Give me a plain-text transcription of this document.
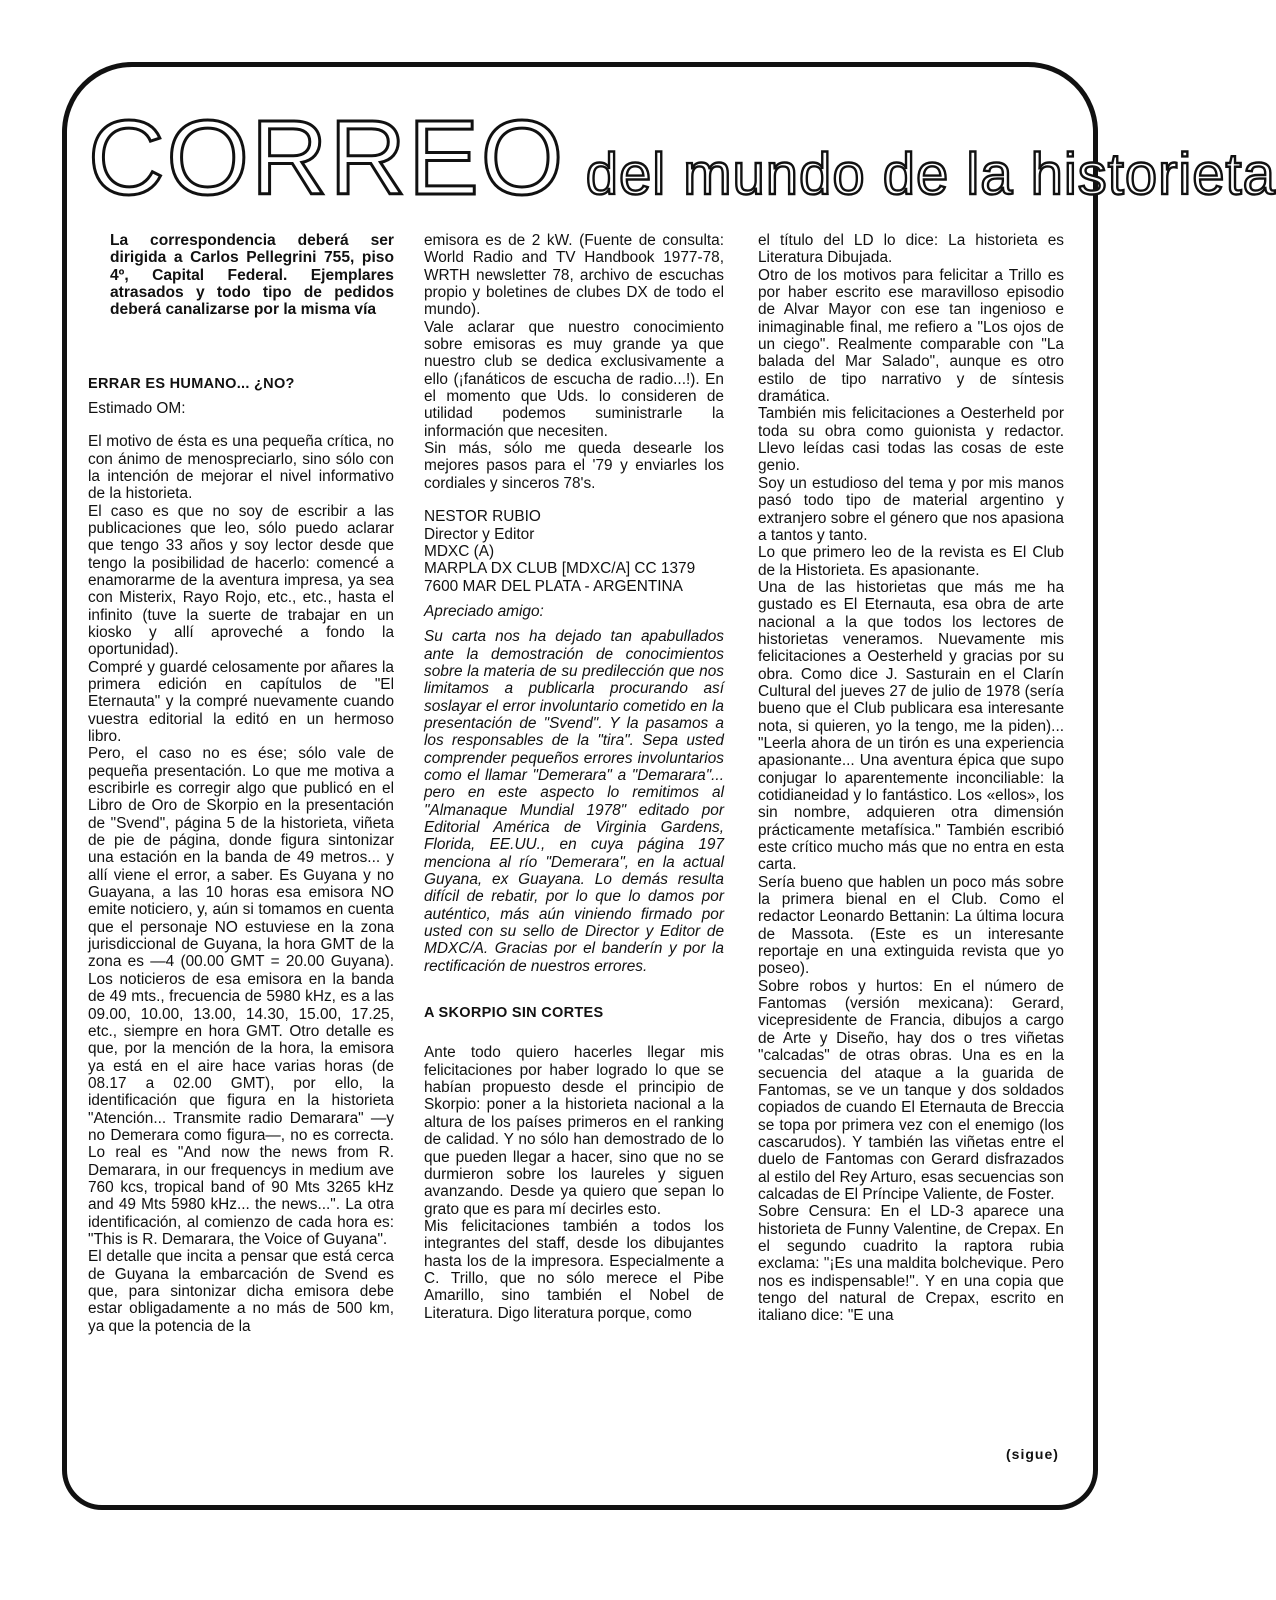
CORREO del mundo de la historieta

La correspondencia deberá ser dirigida a Carlos Pellegrini 755, piso 4º, Capital Federal. Ejemplares atrasados y todo tipo de pedidos deberá canalizarse por la misma vía

ERRAR ES HUMANO... ¿NO?

Estimado OM:

El motivo de ésta es una pequeña crítica, no con ánimo de menospreciarlo, sino sólo con la intención de mejorar el nivel informativo de la historieta.

El caso es que no soy de escribir a las publicaciones que leo, sólo puedo aclarar que tengo 33 años y soy lector desde que tengo la posibilidad de hacerlo: comencé a enamorarme de la aventura impresa, ya sea con Misterix, Rayo Rojo, etc., etc., hasta el infinito (tuve la suerte de trabajar en un kiosko y allí aproveché a fondo la oportunidad).

Compré y guardé celosamente por añares la primera edición en capítulos de "El Eternauta" y la compré nuevamente cuando vuestra editorial la editó en un hermoso libro.

Pero, el caso no es ése; sólo vale de pequeña presentación. Lo que me motiva a escribirle es corregir algo que publicó en el Libro de Oro de Skorpio en la presentación de "Svend", página 5 de la historieta, viñeta de pie de página, donde figura sintonizar una estación en la banda de 49 metros... y allí viene el error, a saber. Es Guyana y no Guayana, a las 10 horas esa emisora NO emite noticiero, y, aún si tomamos en cuenta que el personaje NO estuviese en la zona jurisdiccional de Guyana, la hora GMT de la zona es —4 (00.00 GMT = 20.00 Guyana). Los noticieros de esa emisora en la banda de 49 mts., frecuencia de 5980 kHz, es a las 09.00, 10.00, 13.00, 14.30, 15.00, 17.25, etc., siempre en hora GMT. Otro detalle es que, por la mención de la hora, la emisora ya está en el aire hace varias horas (de 08.17 a 02.00 GMT), por ello, la identificación que figura en la historieta "Atención... Transmite radio Demarara" —y no Demerara como figura—, no es correcta. Lo real es "And now the news from R. Demarara, in our frequencys in medium ave 760 kcs, tropical band of 90 Mts 3265 kHz and 49 Mts 5980 kHz... the news...". La otra identificación, al comienzo de cada hora es: "This is R. Demarara, the Voice of Guyana".

El detalle que incita a pensar que está cerca de Guyana la embarcación de Svend es que, para sintonizar dicha emisora debe estar obligadamente a no más de 500 km, ya que la potencia de la

emisora es de 2 kW. (Fuente de consulta: World Radio and TV Handbook 1977-78, WRTH newsletter 78, archivo de escuchas propio y boletines de clubes DX de todo el mundo).

Vale aclarar que nuestro conocimiento sobre emisoras es muy grande ya que nuestro club se dedica exclusivamente a ello (¡fanáticos de escucha de radio...!). En el momento que Uds. lo consideren de utilidad podemos suministrarle la información que necesiten.

Sin más, sólo me queda desearle los mejores pasos para el '79 y enviarles los cordiales y sinceros 78's.

NESTOR RUBIO

Director y Editor

MDXC (A)

MARPLA DX CLUB [MDXC/A] CC 1379

7600 MAR DEL PLATA - ARGENTINA

Apreciado amigo:

Su carta nos ha dejado tan apabullados ante la demostración de conocimientos sobre la materia de su predilección que nos limitamos a publicarla procurando así soslayar el error involuntario cometido en la presentación de "Svend". Y la pasamos a los responsables de la "tira". Sepa usted comprender pequeños errores involuntarios como el llamar "Demerara" a "Demarara"... pero en este aspecto lo remitimos al "Almanaque Mundial 1978" editado por Editorial América de Virginia Gardens, Florida, EE.UU., en cuya página 197 menciona al río "Demerara", en la actual Guyana, ex Guayana. Lo demás resulta difícil de rebatir, por lo que lo damos por auténtico, más aún viniendo firmado por usted con su sello de Director y Editor de MDXC/A. Gracias por el banderín y por la rectificación de nuestros errores.

A SKORPIO SIN CORTES

Ante todo quiero hacerles llegar mis felicitaciones por haber logrado lo que se habían propuesto desde el principio de Skorpio: poner a la historieta nacional a la altura de los países primeros en el ranking de calidad. Y no sólo han demostrado de lo que pueden llegar a hacer, sino que no se durmieron sobre los laureles y siguen avanzando. Desde ya quiero que sepan lo grato que es para mí decirles esto.

Mis felicitaciones también a todos los integrantes del staff, desde los dibujantes hasta los de la impresora. Especialmente a C. Trillo, que no sólo merece el Pibe Amarillo, sino también el Nobel de Literatura. Digo literatura porque, como

el título del LD lo dice: La historieta es Literatura Dibujada.

Otro de los motivos para felicitar a Trillo es por haber escrito ese maravilloso episodio de Alvar Mayor con ese tan ingenioso e inimaginable final, me refiero a "Los ojos de un ciego". Realmente comparable con "La balada del Mar Salado", aunque es otro estilo de tipo narrativo y de síntesis dramática.

También mis felicitaciones a Oesterheld por toda su obra como guionista y redactor. Llevo leídas casi todas las cosas de este genio.

Soy un estudioso del tema y por mis manos pasó todo tipo de material argentino y extranjero sobre el género que nos apasiona a tantos y tanto.

Lo que primero leo de la revista es El Club de la Historieta. Es apasionante.

Una de las historietas que más me ha gustado es El Eternauta, esa obra de arte nacional a la que todos los lectores de historietas veneramos. Nuevamente mis felicitaciones a Oesterheld y gracias por su obra. Como dice J. Sasturain en el Clarín Cultural del jueves 27 de julio de 1978 (sería bueno que el Club publicara esa interesante nota, si quieren, yo la tengo, me la piden)... "Leerla ahora de un tirón es una experiencia apasionante... Una aventura épica que supo conjugar lo aparentemente inconciliable: la cotidianeidad y lo fantástico. Los «ellos», los sin nombre, adquieren otra dimensión prácticamente metafísica." También escribió este crítico mucho más que no entra en esta carta.

Sería bueno que hablen un poco más sobre la primera bienal en el Club. Como el redactor Leonardo Bettanin: La última locura de Massota. (Este es un interesante reportaje en una extinguida revista que yo poseo).

Sobre robos y hurtos: En el número de Fantomas (versión mexicana): Gerard, vicepresidente de Francia, dibujos a cargo de Arte y Diseño, hay dos o tres viñetas "calcadas" de otras obras. Una es en la secuencia del ataque a la guarida de Fantomas, se ve un tanque y dos soldados copiados de cuando El Eternauta de Breccia se topa por primera vez con el enemigo (los cascarudos). Y también las viñetas entre el duelo de Fantomas con Gerard disfrazados al estilo del Rey Arturo, esas secuencias son calcadas de El Príncipe Valiente, de Foster.

Sobre Censura: En el LD-3 aparece una historieta de Funny Valentine, de Crepax. En el segundo cuadrito la raptora rubia exclama: "¡Es una maldita bolchevique. Pero nos es indispensable!". Y en una copia que tengo del natural de Crepax, escrito en italiano dice: "E una

(sigue)
